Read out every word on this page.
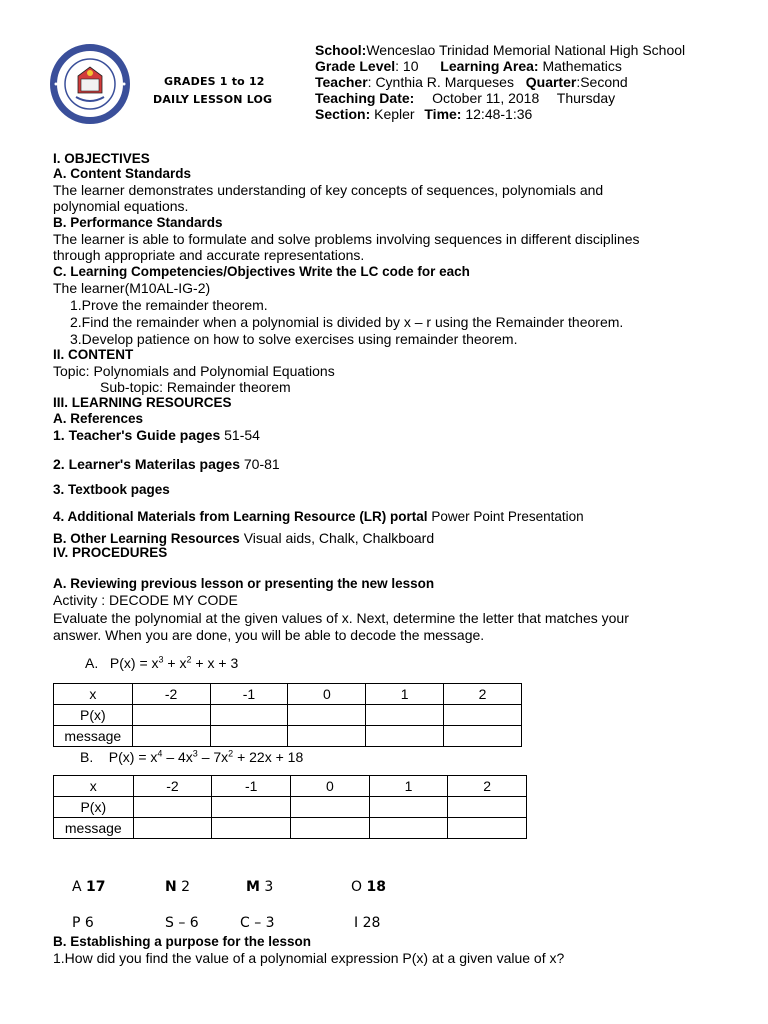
GRADES 1 to 12
DAILY LESSON LOG
School:Wenceslao Trinidad Memorial National High School
Grade Level: 10 Learning Area: Mathematics
Teacher: Cynthia R. Marqueses Quarter:Second
Teaching Date: October 11, 2018 Thursday
Section: Kepler Time: 12:48-1:36
I. OBJECTIVES
A. Content Standards
The learner demonstrates understanding of key concepts of sequences, polynomials and
polynomial equations.
B. Performance Standards
The learner is able to formulate and solve problems involving sequences in different disciplines
through appropriate and accurate representations.
C. Learning Competencies/Objectives Write the LC code for each
The learner(M10AL-IG-2)
1.Prove the remainder theorem.
2.Find the remainder when a polynomial is divided by x – r using the Remainder theorem.
3.Develop patience on how to solve exercises using remainder theorem.
II. CONTENT
Topic: Polynomials and Polynomial Equations
Sub-topic: Remainder theorem
III. LEARNING RESOURCES
A. References
1. Teacher's Guide pages 51-54
2. Learner's Materilas pages 70-81
3. Textbook pages
4. Additional Materials from Learning Resource (LR) portal Power Point Presentation
B. Other Learning Resources Visual aids, Chalk, Chalkboard
IV. PROCEDURES
A. Reviewing previous lesson or presenting the new lesson
Activity : DECODE MY CODE
Evaluate the polynomial at the given values of x. Next, determine the letter that matches your
answer. When you are done, you will be able to decode the message.
A.   $P(x) = x^3 + x^2 + x + 3$
x	-2	-1	0	1	2
P(x)					
message					
B.    $P(x) = x^4 - 4x^3 - 7x^2 + 22x + 18$
x	-2	-1	0	1	2
P(x)					
message					
A 17	N 2	M 3	O 18
P 6	S – 6	C – 3	I 28
B. Establishing a purpose for the lesson
1.How did you find the value of a polynomial expression P(x) at a given value of x?
